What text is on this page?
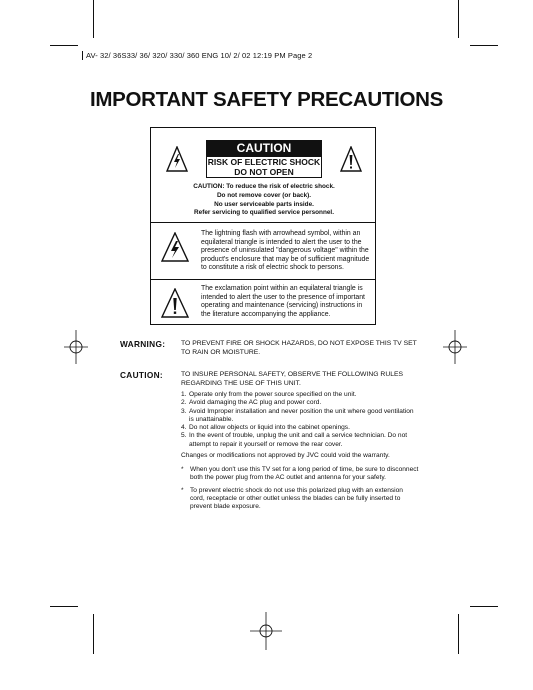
AV- 32/ 36S33/ 36/ 320/ 330/ 360 ENG 10/ 2/ 02 12:19 PM Page 2
IMPORTANT SAFETY PRECAUTIONS
CAUTION
RISK OF ELECTRIC SHOCK
DO NOT OPEN
CAUTION: To reduce the risk of electric shock.
Do not remove cover (or back).
No user serviceable parts inside.
Refer servicing to qualified service personnel.
The lightning flash with arrowhead symbol, within an equilateral triangle is intended to alert the user to the presence of uninsulated "dangerous voltage" within the product's enclosure that may be of sufficient magnitude to constitute a risk of electric shock to persons.
The exclamation point within an equilateral triangle is intended to alert the user to the presence of important operating and maintenance (servicing) instructions in the literature accompanying the appliance.
WARNING: TO PREVENT FIRE OR SHOCK HAZARDS, DO NOT EXPOSE THIS TV SET TO RAIN OR MOISTURE.
CAUTION:	TO INSURE PERSONAL SAFETY, OBSERVE THE FOLLOWING RULES REGARDING THE USE OF THIS UNIT.
1. Operate only from the power source specified on the unit.
2. Avoid damaging the AC plug and power cord.
3. Avoid Improper installation and never position the unit where good ventilation is unattainable.
4. Do not allow objects or liquid into the cabinet openings.
5. In the event of trouble, unplug the unit and call a service technician. Do not attempt to repair it yourself or remove the rear cover.
Changes or modifications not approved by JVC could void the warranty.
* When you don't use this TV set for a long period of time, be sure to disconnect both the power plug from the AC outlet and antenna for your safety.
* To prevent electric shock do not use this polarized plug with an extension cord, receptacle or other outlet unless the blades can be fully inserted to prevent blade exposure.
